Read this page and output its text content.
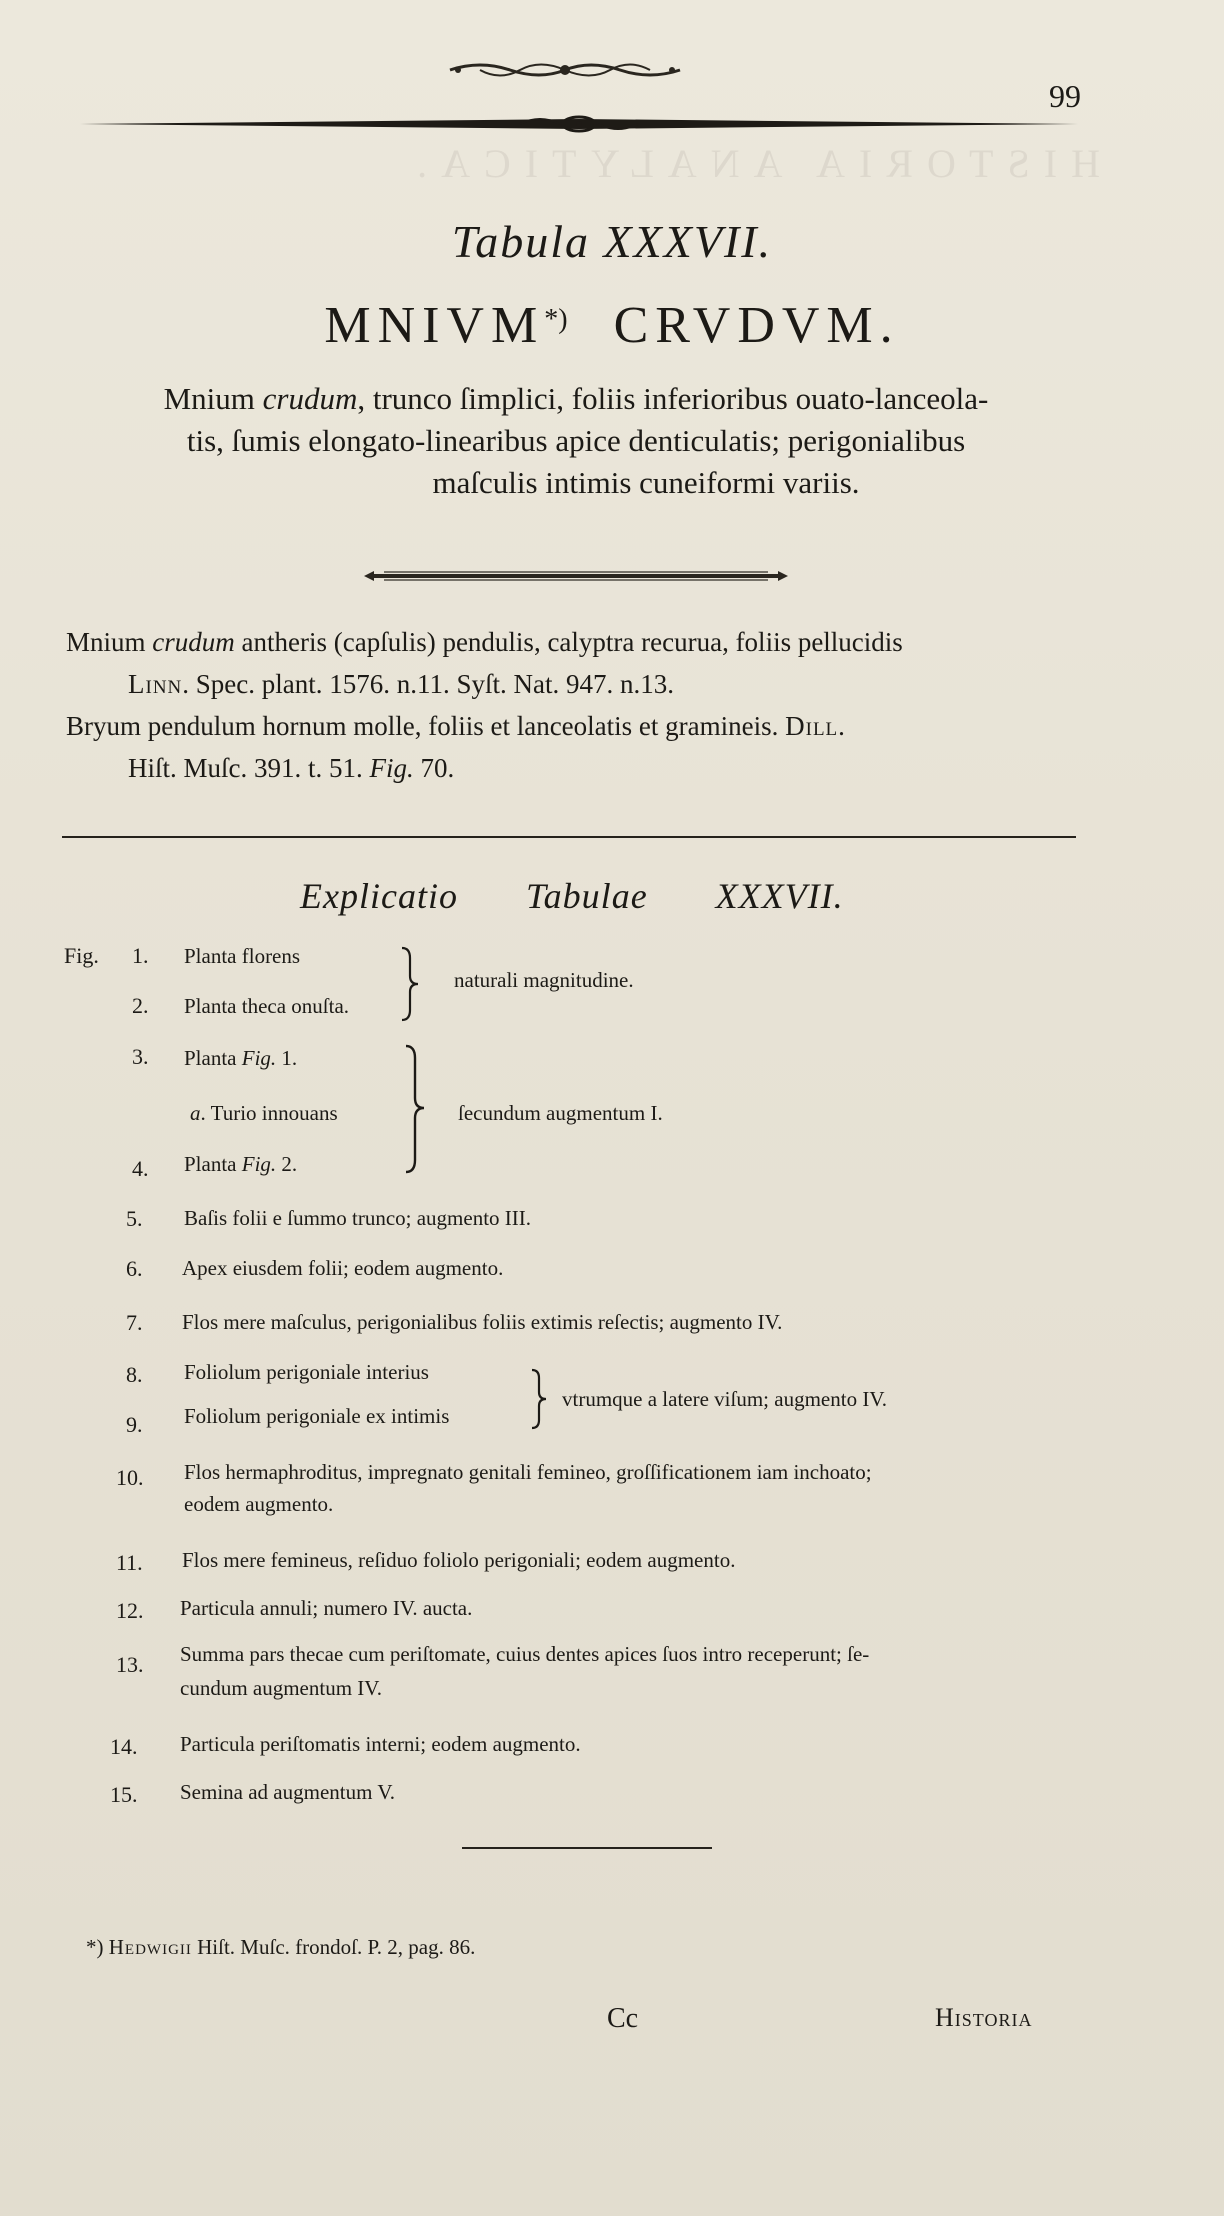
HISTORIA ANALYTICA.
99
Tabula XXXVII.
MNIVM*) CRVDVM.
Mnium crudum, trunco ſimplici, foliis inferioribus ouato-lanceola-
tis, ſumis elongato-linearibus apice denticulatis; perigonialibus
maſculis intimis cuneiformi variis.
Mnium crudum antheris (capſulis) pendulis, calyptra recurua, foliis pellucidis
Linn. Spec. plant. 1576. n.11. Syſt. Nat. 947. n.13.
Bryum pendulum hornum molle, foliis et lanceolatis et gramineis. Dill.
Hiſt. Muſc. 391. t. 51. Fig. 70.
Explicatio Tabulae XXXVII.
Fig. 1. Planta florens
2. Planta theca onuſta.
naturali magnitudine.
3. Planta Fig. 1.
a. Turio innouans
4. Planta Fig. 2.
ſecundum augmentum I.
5. Baſis folii e ſummo trunco; augmento III.
6. Apex eiusdem folii; eodem augmento.
7. Flos mere maſculus, perigonialibus foliis extimis reſectis; augmento IV.
8. Foliolum perigoniale interius
9. Foliolum perigoniale ex intimis
vtrumque a latere viſum; augmento IV.
10. Flos hermaphroditus, impregnato genitali femineo, groſſificationem iam inchoato;
eodem augmento.
11. Flos mere femineus, reſiduo foliolo perigoniali; eodem augmento.
12. Particula annuli; numero IV. aucta.
13. Summa pars thecae cum periſtomate, cuius dentes apices ſuos intro receperunt; ſe-
cundum augmentum IV.
14. Particula periſtomatis interni; eodem augmento.
15. Semina ad augmentum V.
*) Hedwigii Hiſt. Muſc. frondoſ. P. 2, pag. 86.
Cc	Historia
